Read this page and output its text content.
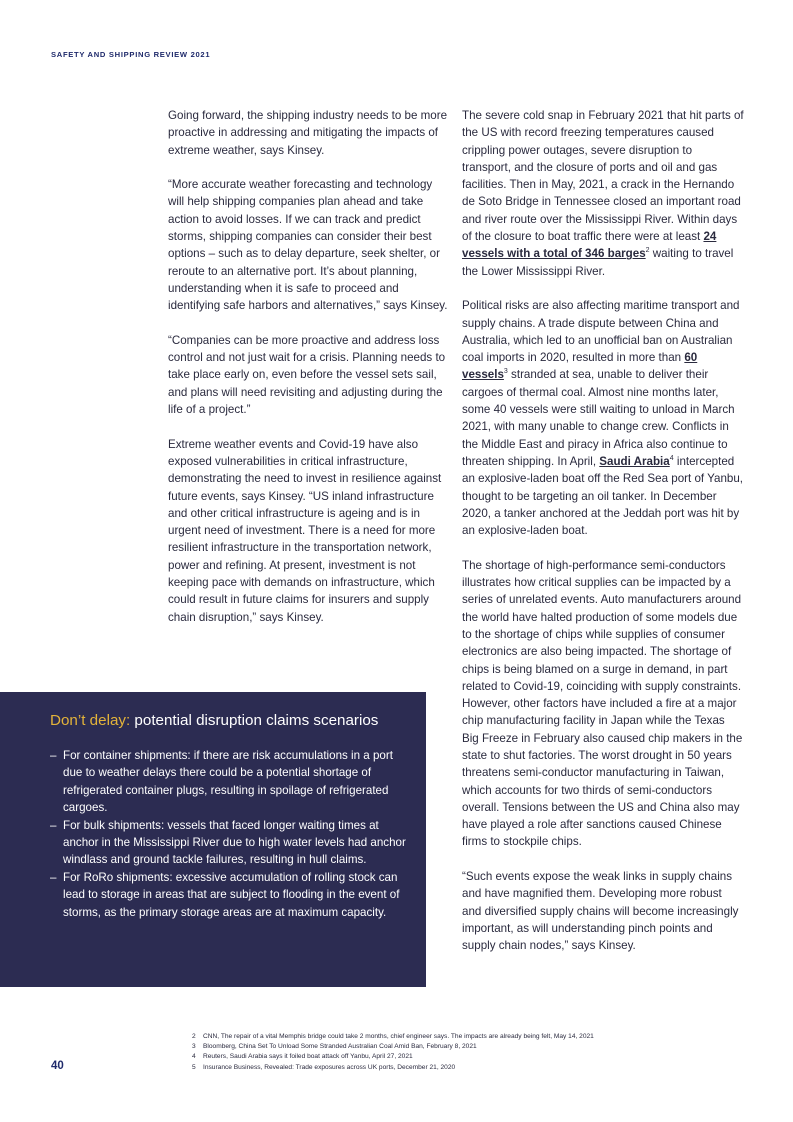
SAFETY AND SHIPPING REVIEW 2021

Going forward, the shipping industry needs to be more proactive in addressing and mitigating the impacts of extreme weather, says Kinsey.

“More accurate weather forecasting and technology will help shipping companies plan ahead and take action to avoid losses. If we can track and predict storms, shipping companies can consider their best options – such as to delay departure, seek shelter, or reroute to an alternative port. It’s about planning, understanding when it is safe to proceed and identifying safe harbors and alternatives,” says Kinsey.

“Companies can be more proactive and address loss control and not just wait for a crisis. Planning needs to take place early on, even before the vessel sets sail, and plans will need revisiting and adjusting during the life of a project.”

Extreme weather events and Covid-19 have also exposed vulnerabilities in critical infrastructure, demonstrating the need to invest in resilience against future events, says Kinsey. “US inland infrastructure and other critical infrastructure is ageing and is in urgent need of investment. There is a need for more resilient infrastructure in the transportation network, power and refining. At present, investment is not keeping pace with demands on infrastructure, which could result in future claims for insurers and supply chain disruption,” says Kinsey.

The severe cold snap in February 2021 that hit parts of the US with record freezing temperatures caused crippling power outages, severe disruption to transport, and the closure of ports and oil and gas facilities. Then in May, 2021, a crack in the Hernando de Soto Bridge in Tennessee closed an important road and river route over the Mississippi River. Within days of the closure to boat traffic there were at least 24 vessels with a total of 346 barges$^2$ waiting to travel the Lower Mississippi River.

Political risks are also affecting maritime transport and supply chains. A trade dispute between China and Australia, which led to an unofficial ban on Australian coal imports in 2020, resulted in more than 60 vessels$^3$ stranded at sea, unable to deliver their cargoes of thermal coal. Almost nine months later, some 40 vessels were still waiting to unload in March 2021, with many unable to change crew. Conflicts in the Middle East and piracy in Africa also continue to threaten shipping. In April, Saudi Arabia$^4$ intercepted an explosive-laden boat off the Red Sea port of Yanbu, thought to be targeting an oil tanker. In December 2020, a tanker anchored at the Jeddah port was hit by an explosive-laden boat.

The shortage of high-performance semi-conductors illustrates how critical supplies can be impacted by a series of unrelated events. Auto manufacturers around the world have halted production of some models due to the shortage of chips while supplies of consumer electronics are also being impacted. The shortage of chips is being blamed on a surge in demand, in part related to Covid-19, coinciding with supply constraints. However, other factors have included a fire at a major chip manufacturing facility in Japan while the Texas Big Freeze in February also caused chip makers in the state to shut factories. The worst drought in 50 years threatens semi-conductor manufacturing in Taiwan, which accounts for two thirds of semi-conductors overall. Tensions between the US and China also may have played a role after sanctions caused Chinese firms to stockpile chips.

“Such events expose the weak links in supply chains and have magnified them. Developing more robust and diversified supply chains will become increasingly important, as will understanding pinch points and supply chain nodes,” says Kinsey.

Don’t delay: potential disruption claims scenarios
– For container shipments: if there are risk accumulations in a port due to weather delays there could be a potential shortage of refrigerated container plugs, resulting in spoilage of refrigerated cargoes.
– For bulk shipments: vessels that faced longer waiting times at anchor in the Mississippi River due to high water levels had anchor windlass and ground tackle failures, resulting in hull claims.
– For RoRo shipments: excessive accumulation of rolling stock can lead to storage in areas that are subject to flooding in the event of storms, as the primary storage areas are at maximum capacity.
40
2 CNN, The repair of a vital Memphis bridge could take 2 months, chief engineer says. The impacts are already being felt, May 14, 2021
3 Bloomberg, China Set To Unload Some Stranded Australian Coal Amid Ban, February 8, 2021
4 Reuters, Saudi Arabia says it foiled boat attack off Yanbu, April 27, 2021
5 Insurance Business, Revealed: Trade exposures across UK ports, December 21, 2020
